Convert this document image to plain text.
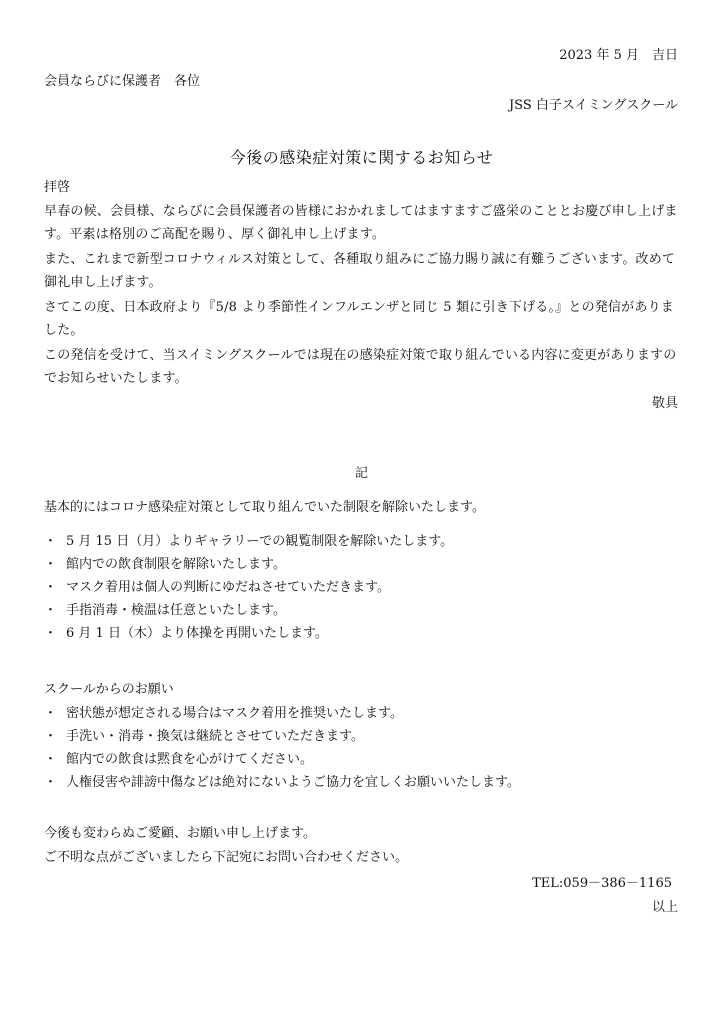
2023 年 5 月　吉日
会員ならびに保護者　各位
JSS 白子スイミングスクール
今後の感染症対策に関するお知らせ
拝啓
早春の候、会員様、ならびに会員保護者の皆様におかれましてはますますご盛栄のこととお慶び申し上げます。平素は格別のご高配を賜り、厚く御礼申し上げます。
また、これまで新型コロナウィルス対策として、各種取り組みにご協力賜り誠に有難うございます。改めて御礼申し上げます。
さてこの度、日本政府より『5/8 より季節性インフルエンザと同じ 5 類に引き下げる。』との発信がありました。
この発信を受けて、当スイミングスクールでは現在の感染症対策で取り組んでいる内容に変更がありますのでお知らせいたします。
敬具
記
基本的にはコロナ感染症対策として取り組んでいた制限を解除いたします。
・ 5 月 15 日（月）よりギャラリーでの観覧制限を解除いたします。
・ 館内での飲食制限を解除いたします。
・ マスク着用は個人の判断にゆだねさせていただきます。
・ 手指消毒・検温は任意といたします。
・ 6 月 1 日（木）より体操を再開いたします。
スクールからのお願い
・ 密状態が想定される場合はマスク着用を推奨いたします。
・ 手洗い・消毒・換気は継続とさせていただきます。
・ 館内での飲食は黙食を心がけてください。
・ 人権侵害や誹謗中傷などは絶対にないようご協力を宜しくお願いいたします。
今後も変わらぬご愛顧、お願い申し上げます。
ご不明な点がございましたら下記宛にお問い合わせください。
TEL:059－386－1165
以上
